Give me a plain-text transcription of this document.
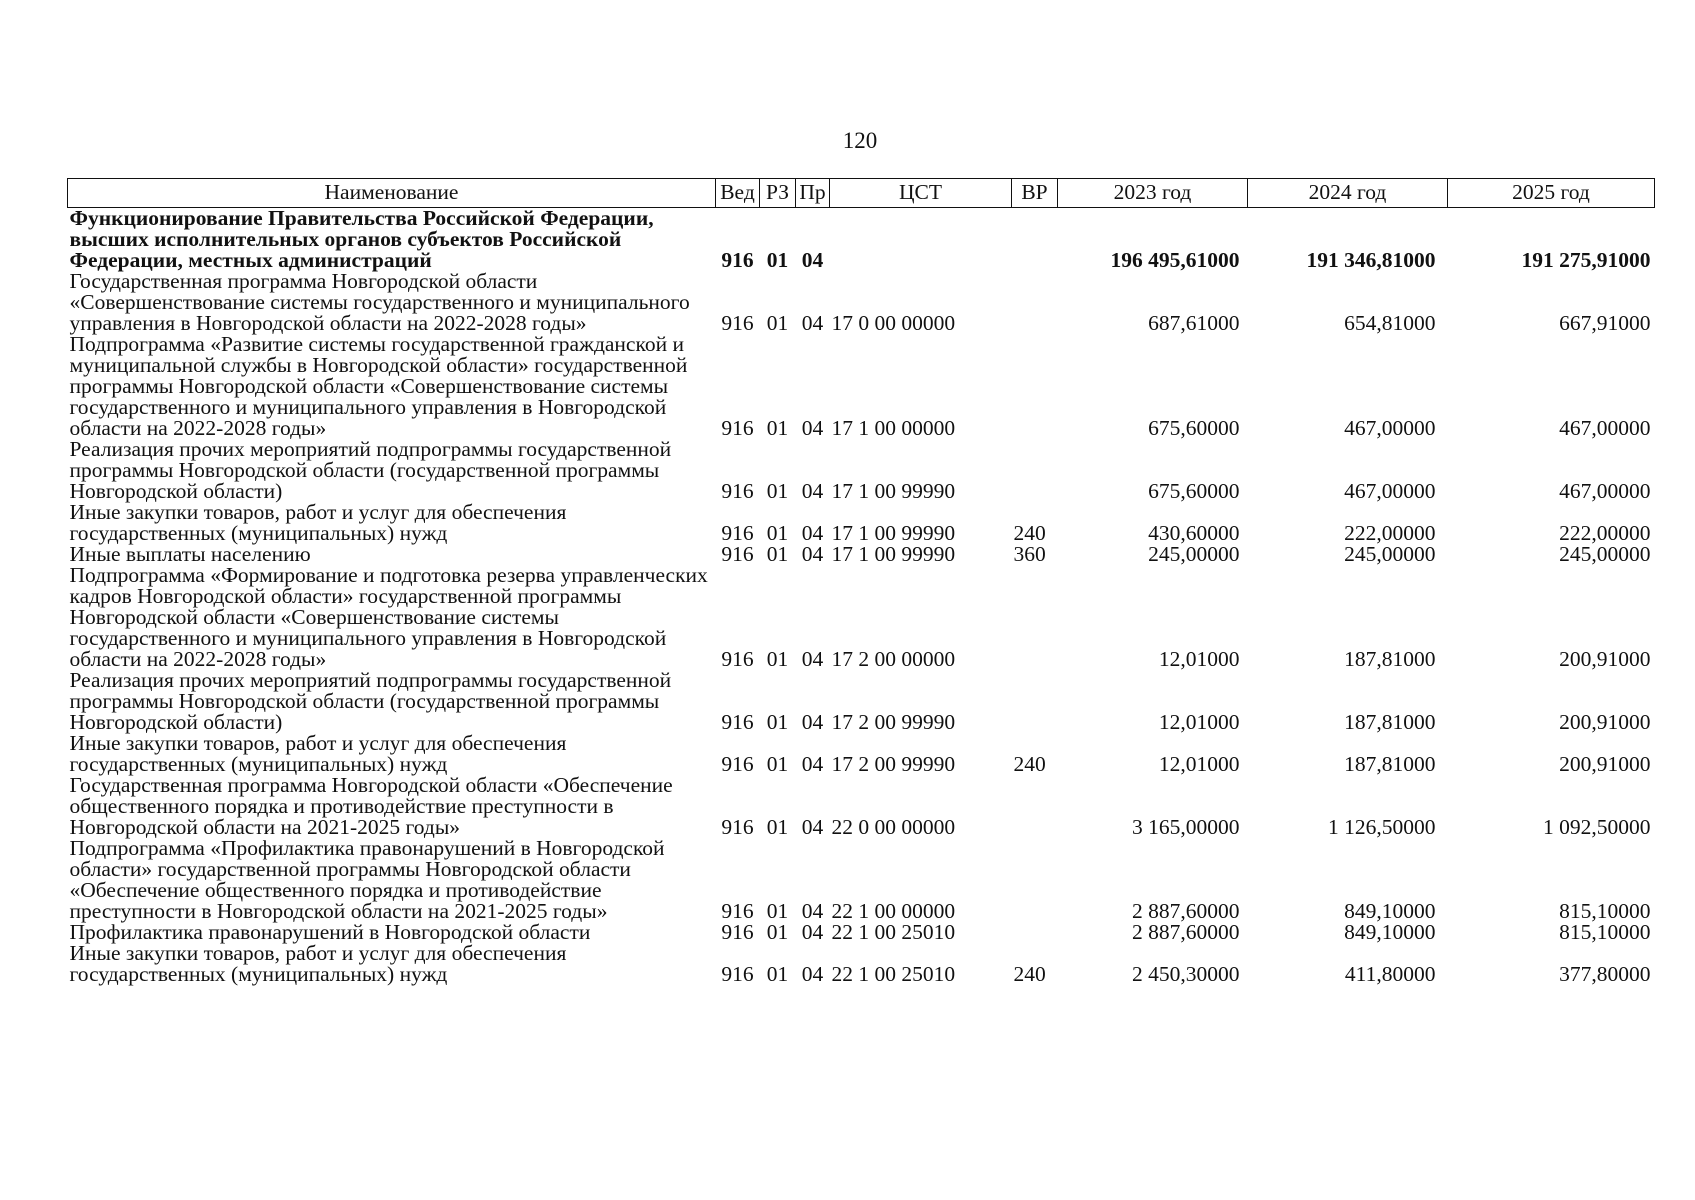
120
Наименование	Вед	РЗ	Пр	ЦСТ	ВР	2023 год	2024 год	2025 год
Функционирование Правительства Российской Федерации, высших исполнительных органов субъектов Российской Федерации, местных администраций	916	01	04			196 495,61000	191 346,81000	191 275,91000
Государственная программа Новгородской области «Совершенствование системы государственного и муниципального управления в Новгородской области на 2022-2028 годы»	916	01	04	17 0 00 00000		687,61000	654,81000	667,91000
Подпрограмма «Развитие системы государственной гражданской и муниципальной службы в Новгородской области» государственной программы Новгородской области «Совершенствование системы государственного и муниципального управления в Новгородской области на 2022-2028 годы»	916	01	04	17 1 00 00000		675,60000	467,00000	467,00000
Реализация прочих мероприятий подпрограммы государственной программы Новгородской области (государственной программы Новгородской области)	916	01	04	17 1 00 99990		675,60000	467,00000	467,00000
Иные закупки товаров, работ и услуг для обеспечения государственных (муниципальных) нужд	916	01	04	17 1 00 99990	240	430,60000	222,00000	222,00000
Иные выплаты населению	916	01	04	17 1 00 99990	360	245,00000	245,00000	245,00000
Подпрограмма «Формирование и подготовка резерва управленческих кадров Новгородской области» государственной программы Новгородской области «Совершенствование системы государственного и муниципального управления в Новгородской области на 2022-2028 годы»	916	01	04	17 2 00 00000		12,01000	187,81000	200,91000
Реализация прочих мероприятий подпрограммы государственной программы Новгородской области (государственной программы Новгородской области)	916	01	04	17 2 00 99990		12,01000	187,81000	200,91000
Иные закупки товаров, работ и услуг для обеспечения государственных (муниципальных) нужд	916	01	04	17 2 00 99990	240	12,01000	187,81000	200,91000
Государственная программа Новгородской области «Обеспечение общественного порядка и противодействие преступности в Новгородской области на 2021-2025 годы»	916	01	04	22 0 00 00000		3 165,00000	1 126,50000	1 092,50000
Подпрограмма «Профилактика правонарушений в Новгородской области» государственной программы Новгородской области «Обеспечение общественного порядка и противодействие преступности в Новгородской области на 2021-2025 годы»	916	01	04	22 1 00 00000		2 887,60000	849,10000	815,10000
Профилактика правонарушений в Новгородской области	916	01	04	22 1 00 25010		2 887,60000	849,10000	815,10000
Иные закупки товаров, работ и услуг для обеспечения государственных (муниципальных) нужд	916	01	04	22 1 00 25010	240	2 450,30000	411,80000	377,80000
